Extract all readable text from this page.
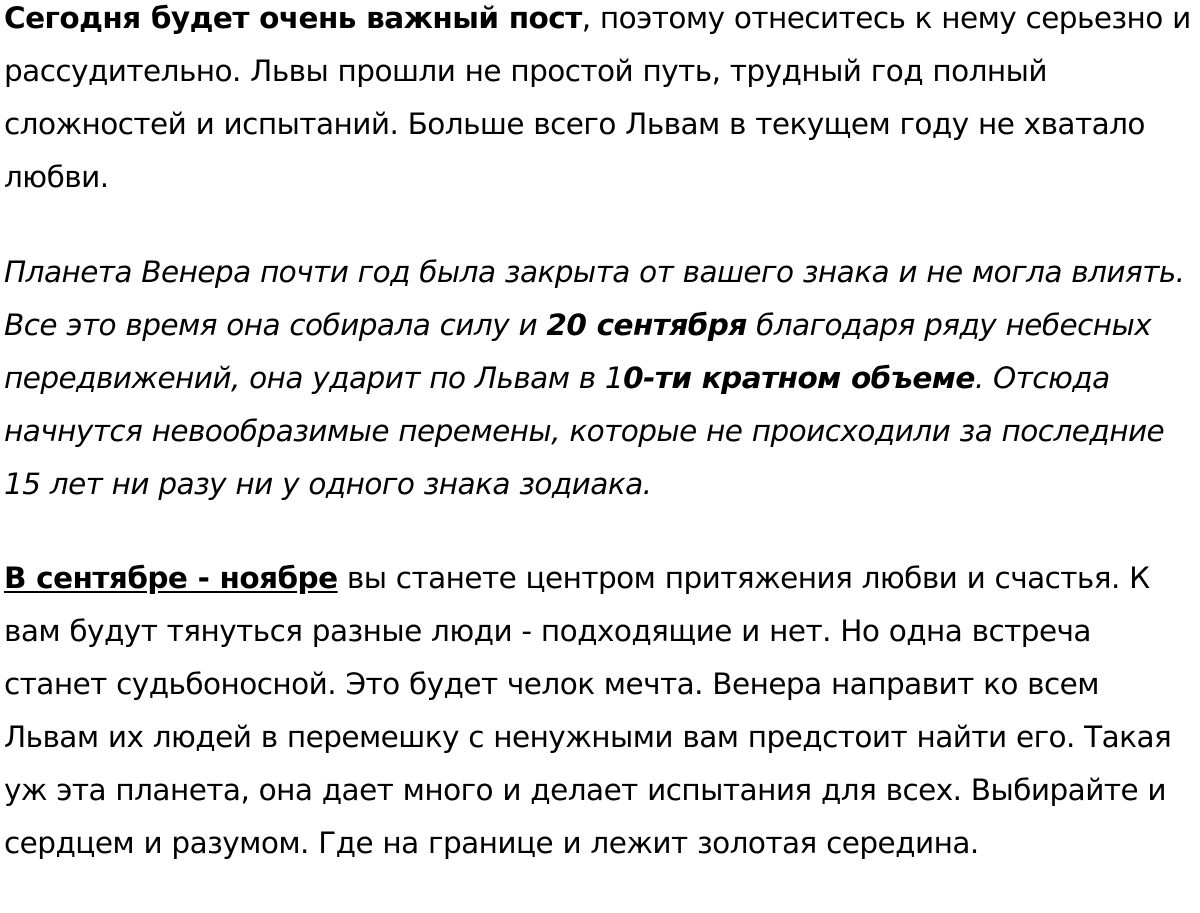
Сегодня будет очень важный пост, поэтому отнеситесь к нему серьезно и рассудительно. Львы прошли не простой путь, трудный год полный сложностей и испытаний. Больше всего Львам в текущем году не хватало любви.

Планета Венера почти год была закрыта от вашего знака и не могла влиять. Все это время она собирала силу и 20 сентября благодаря ряду небесных передвижений, она ударит по Львам в 10-ти кратном объеме. Отсюда начнутся невообразимые перемены, которые не происходили за последние 15 лет ни разу ни у одного знака зодиака.

В сентябре - ноябре вы станете центром притяжения любви и счастья. К вам будут тянуться разные люди - подходящие и нет. Но одна встреча станет судьбоносной. Это будет челок мечта. Венера направит ко всем Львам их людей в перемешку с ненужными вам предстоит найти его. Такая уж эта планета, она дает много и делает испытания для всех. Выбирайте и сердцем и разумом. Где на границе и лежит золотая середина.
